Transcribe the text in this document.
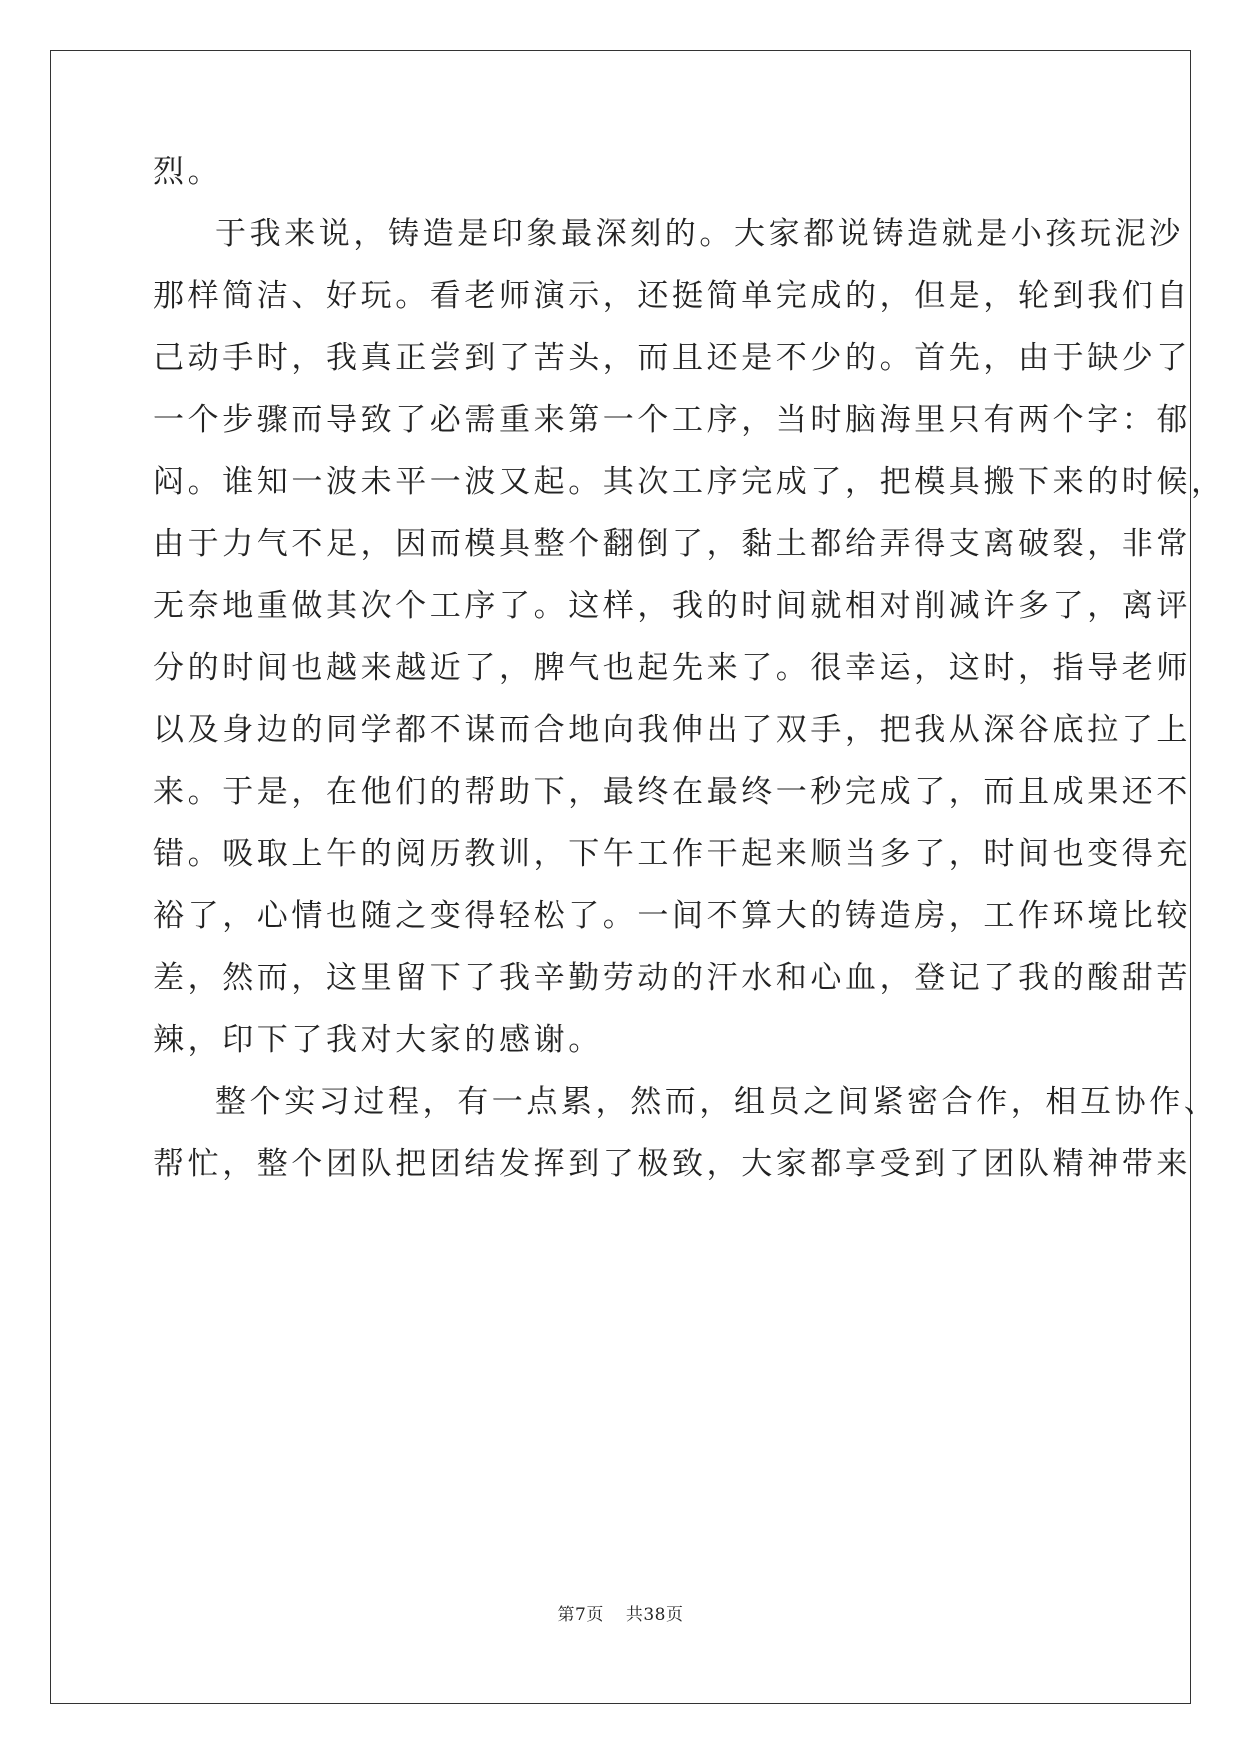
烈。
于我来说，铸造是印象最深刻的。大家都说铸造就是小孩玩泥沙
那样简洁、好玩。看老师演示，还挺简单完成的，但是，轮到我们自
己动手时，我真正尝到了苦头，而且还是不少的。首先，由于缺少了
一个步骤而导致了必需重来第一个工序，当时脑海里只有两个字：郁
闷。谁知一波未平一波又起。其次工序完成了，把模具搬下来的时候，
由于力气不足，因而模具整个翻倒了，黏土都给弄得支离破裂，非常
无奈地重做其次个工序了。这样，我的时间就相对削减许多了，离评
分的时间也越来越近了，脾气也起先来了。很幸运，这时，指导老师
以及身边的同学都不谋而合地向我伸出了双手，把我从深谷底拉了上
来。于是，在他们的帮助下，最终在最终一秒完成了，而且成果还不
错。吸取上午的阅历教训，下午工作干起来顺当多了，时间也变得充
裕了，心情也随之变得轻松了。一间不算大的铸造房，工作环境比较
差，然而，这里留下了我辛勤劳动的汗水和心血，登记了我的酸甜苦
辣，印下了我对大家的感谢。
整个实习过程，有一点累，然而，组员之间紧密合作，相互协作、
帮忙，整个团队把团结发挥到了极致，大家都享受到了团队精神带来
第7页 共38页
